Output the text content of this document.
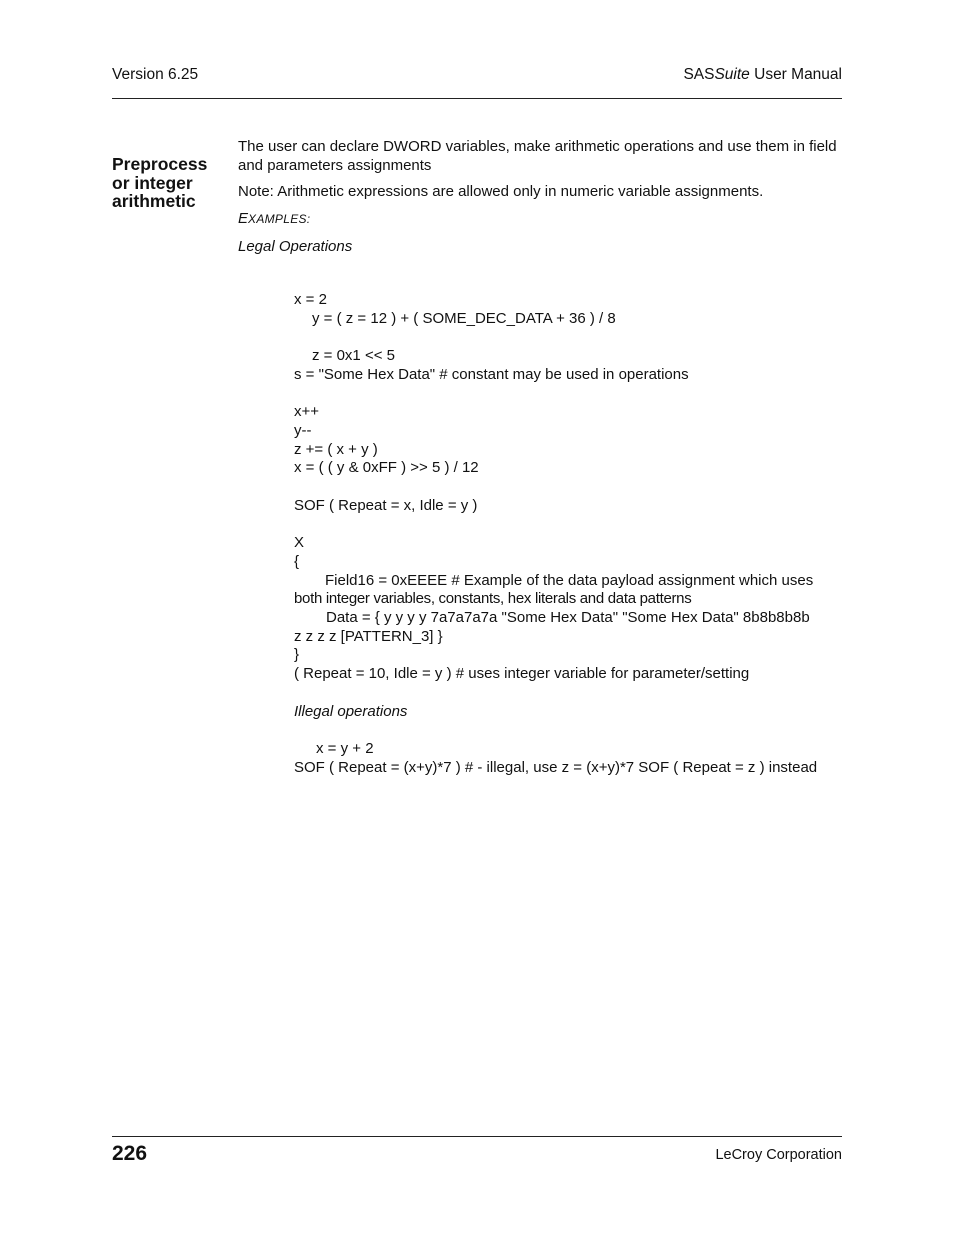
Version 6.25	SASSuite User Manual
Preprocess
or integer
arithmetic
The user can declare DWORD variables, make arithmetic operations and use them in field and parameters assignments
Note: Arithmetic expressions are allowed only in numeric variable assignments.
EXAMPLES:
Legal Operations
x = 2
y = ( z = 12 ) + ( SOME_DEC_DATA + 36 ) / 8
z = 0x1 << 5
s = "Some Hex Data" # constant may be used in operations
x++
y--
z += ( x + y )
x = ( ( y & 0xFF ) >> 5 ) / 12
SOF ( Repeat = x, Idle = y )
X
{
Field16 = 0xEEEE # Example of the data payload assignment which uses
both integer variables, constants, hex literals and data patterns
Data = { y y y y 7a7a7a7a "Some Hex Data" "Some Hex Data" 8b8b8b8b
z z z z [PATTERN_3] }
}
( Repeat = 10, Idle = y ) # uses integer variable for parameter/setting
Illegal operations
x = y + 2
SOF ( Repeat = (x+y)*7 ) # - illegal, use z = (x+y)*7 SOF ( Repeat = z ) instead
226	LeCroy Corporation
